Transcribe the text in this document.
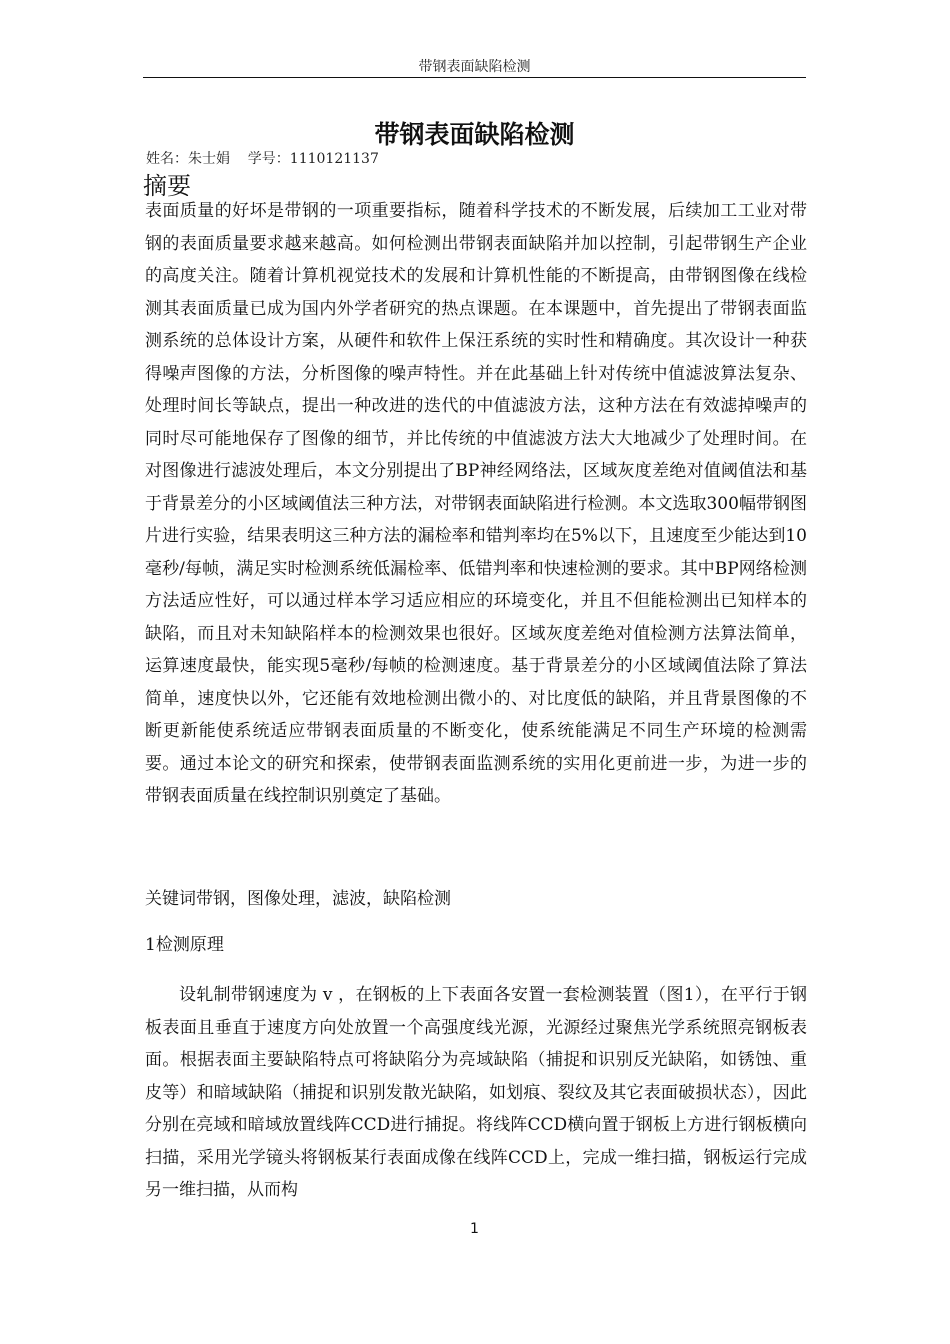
带钢表面缺陷检测
带钢表面缺陷检测
姓名：朱士娟    学号：1110121137
摘要

表面质量的好坏是带钢的一项重要指标，随着科学技术的不断发展，后续加工工业对带钢的表面质量要求越来越高。如何检测出带钢表面缺陷并加以控制，引起带钢生产企业的高度关注。随着计算机视觉技术的发展和计算机性能的不断提高，由带钢图像在线检测其表面质量已成为国内外学者研究的热点课题。在本课题中，首先提出了带钢表面监测系统的总体设计方案，从硬件和软件上保汪系统的实时性和精确度。其次设计一种获得噪声图像的方法，分析图像的噪声特性。并在此基础上针对传统中值滤波算法复杂、处理时间长等缺点，提出一种改进的迭代的中值滤波方法，这种方法在有效滤掉噪声的同时尽可能地保存了图像的细节，并比传统的中值滤波方法大大地减少了处理时间。在对图像进行滤波处理后，本文分别提出了BP神经网络法，区域灰度差绝对值阈值法和基于背景差分的小区域阈值法三种方法，对带钢表面缺陷进行检测。本文选取300幅带钢图片进行实验，结果表明这三种方法的漏检率和错判率均在5%以下，且速度至少能达到10毫秒/每帧，满足实时检测系统低漏检率、低错判率和快速检测的要求。其中BP网络检测方法适应性好，可以通过样本学习适应相应的环境变化，并且不但能检测出已知样本的缺陷，而且对未知缺陷样本的检测效果也很好。区域灰度差绝对值检测方法算法简单，运算速度最快，能实现5毫秒/每帧的检测速度。基于背景差分的小区域阈值法除了算法简单，速度快以外，它还能有效地检测出微小的、对比度低的缺陷，并且背景图像的不断更新能使系统适应带钢表面质量的不断变化，使系统能满足不同生产环境的检测需要。通过本论文的研究和探索，使带钢表面监测系统的实用化更前进一步，为进一步的带钢表面质量在线控制识别奠定了基础。

关键词带钢，图像处理，滤波，缺陷检测

1检测原理

设轧制带钢速度为 v ，在钢板的上下表面各安置一套检测装置（图1），在平行于钢板表面且垂直于速度方向处放置一个高强度线光源，光源经过聚焦光学系统照亮钢板表面。根据表面主要缺陷特点可将缺陷分为亮域缺陷（捕捉和识别反光缺陷，如锈蚀、重皮等）和暗域缺陷（捕捉和识别发散光缺陷，如划痕、裂纹及其它表面破损状态），因此分别在亮域和暗域放置线阵CCD进行捕捉。将线阵CCD横向置于钢板上方进行钢板横向扫描，采用光学镜头将钢板某行表面成像在线阵CCD上，完成一维扫描，钢板运行完成另一维扫描，从而构

1
